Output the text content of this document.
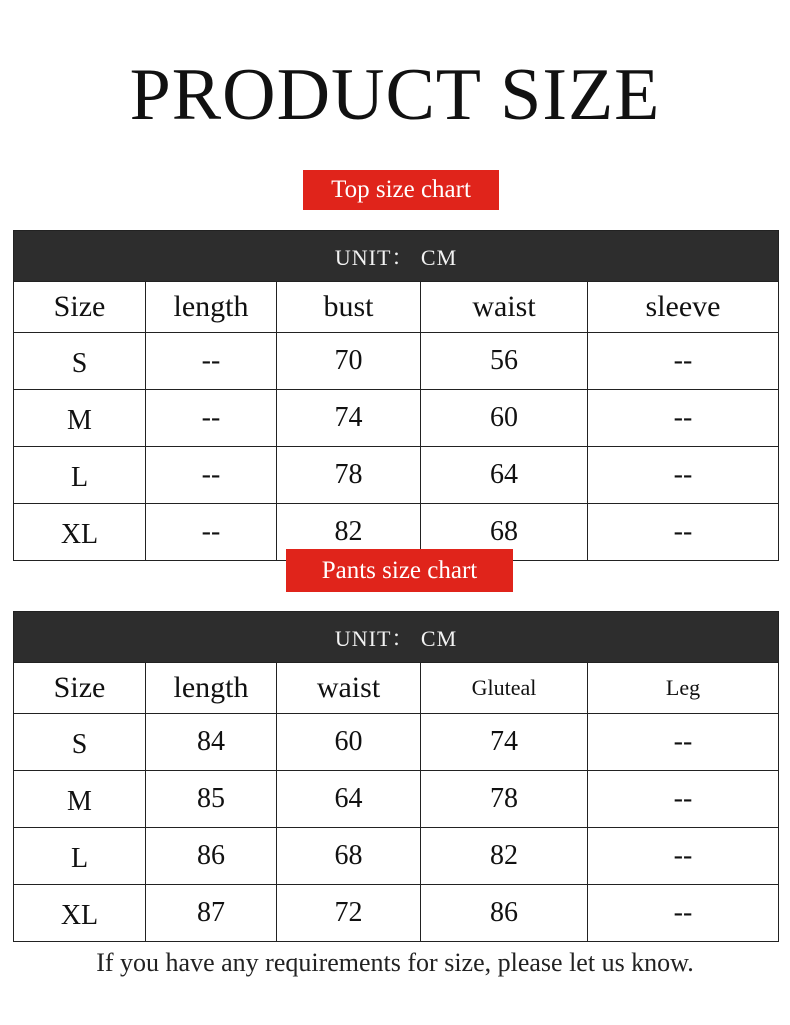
PRODUCT SIZE
Top size chart
UNIT： CM				
Size	length	bust	waist	sleeve
S	--	70	56	--
M	--	74	60	--
L	--	78	64	--
XL	--	82	68	--
Pants size chart
UNIT： CM				
Size	length	waist	Gluteal	Leg
S	84	60	74	--
M	85	64	78	--
L	86	68	82	--
XL	87	72	86	--
If you have any requirements for size, please let us know.
